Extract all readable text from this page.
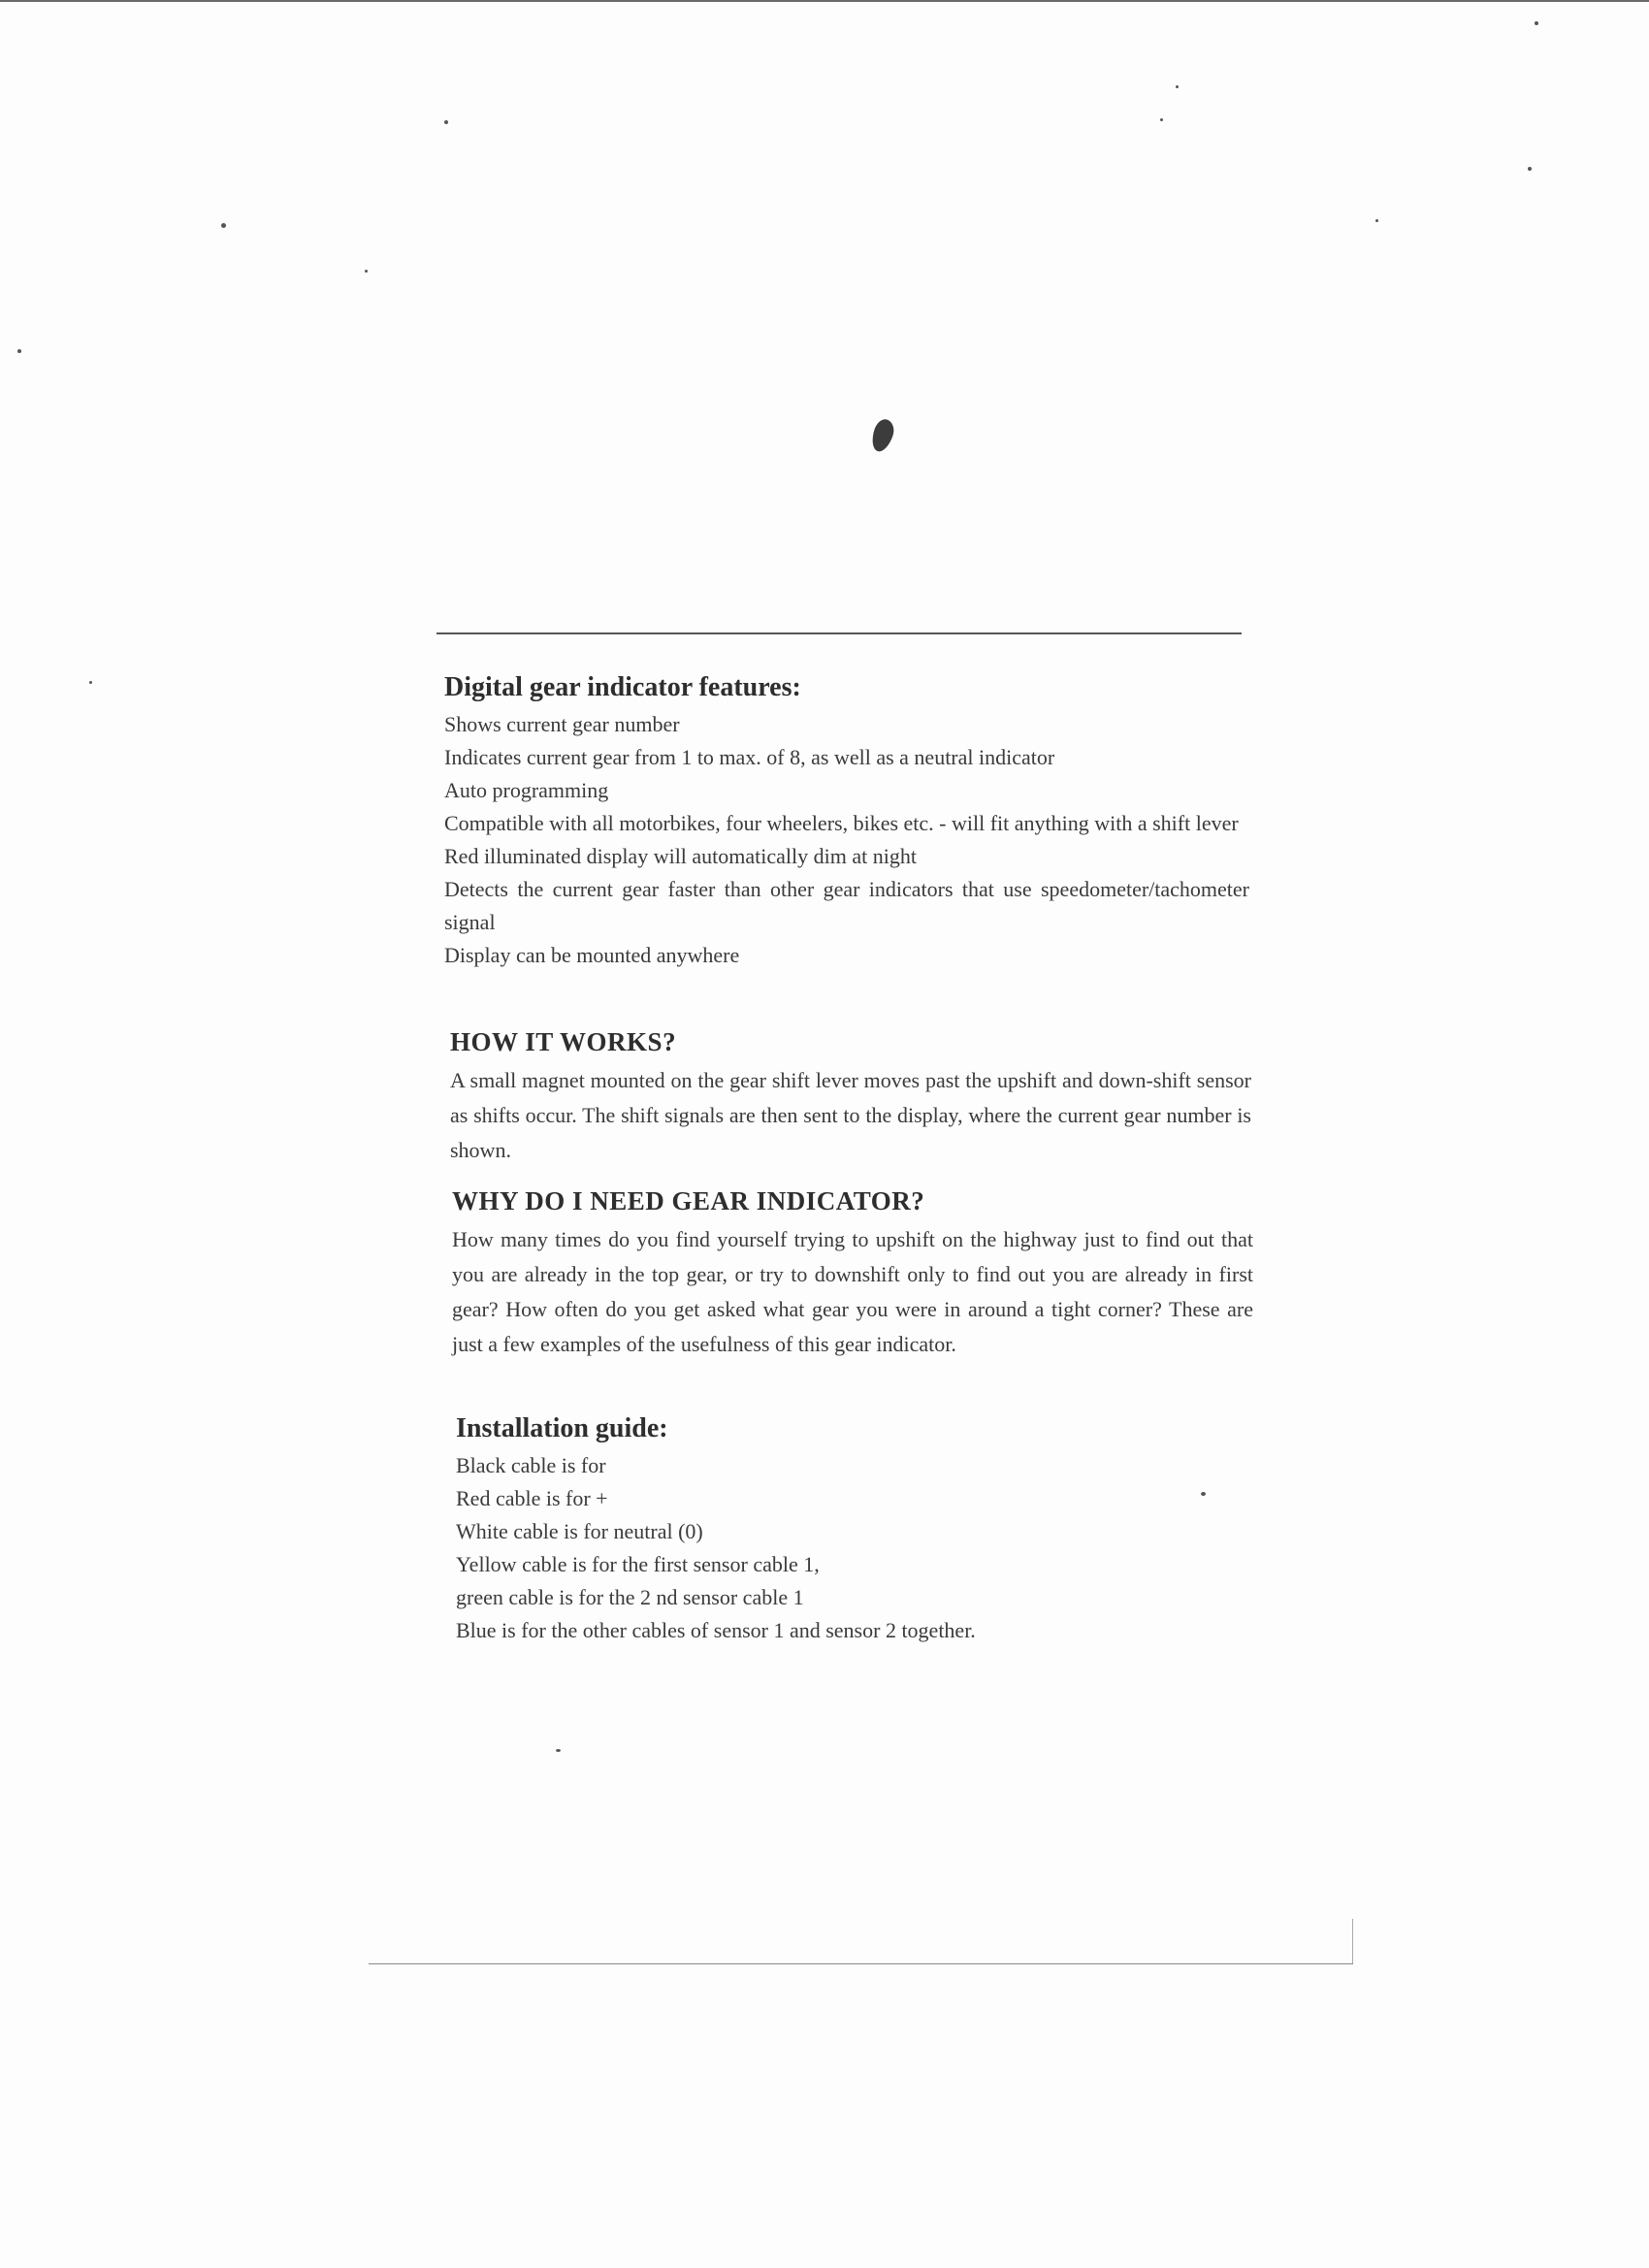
Digital gear indicator features:

Shows current gear number

Indicates current gear from 1 to max. of 8, as well as a neutral indicator

Auto programming

Compatible with all motorbikes, four wheelers, bikes etc. - will fit anything with a shift lever

Red illuminated display will automatically dim at night

Detects the current gear faster than other gear indicators that use speedometer/tachometer signal

Display can be mounted anywhere

HOW IT WORKS?

A small magnet mounted on the gear shift lever moves past the upshift and down-shift sensor as shifts occur. The shift signals are then sent to the display, where the current gear number is shown.

WHY DO I NEED GEAR INDICATOR?

How many times do you find yourself trying to upshift on the highway just to find out that you are already in the top gear, or try to downshift only to find out you are already in first gear? How often do you get asked what gear you were in around a tight corner? These are just a few examples of the usefulness of this gear indicator.

Installation guide:

Black cable is for

Red cable is for +

White cable is for neutral (0)

Yellow cable is for the first sensor cable 1,

green cable is for the 2 nd sensor cable 1

Blue is for the other cables of sensor 1 and sensor 2 together.
